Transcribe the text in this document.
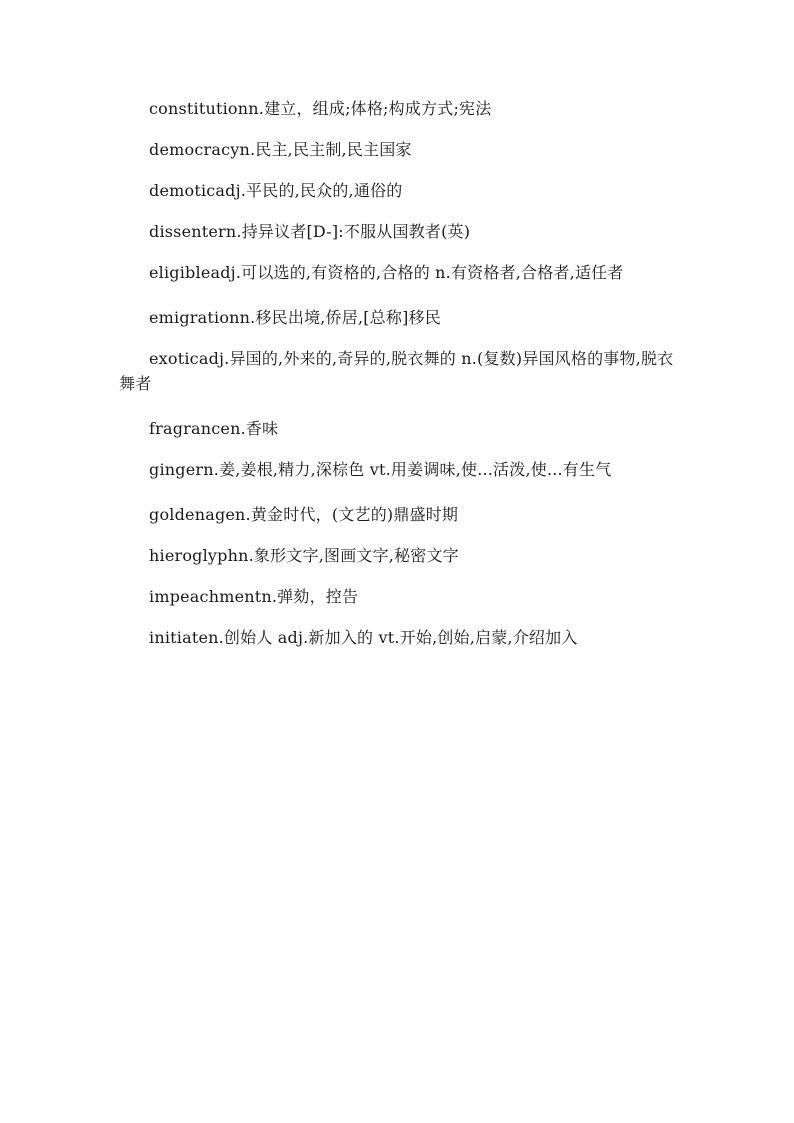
constitutionn.建立，组成;体格;构成方式;宪法

democracyn.民主,民主制,民主国家

demoticadj.平民的,民众的,通俗的

dissentern.持异议者[D-]:不服从国教者(英)

eligibleadj.可以选的,有资格的,合格的 n.有资格者,合格者,适任者

emigrationn.移民出境,侨居,[总称]移民

exoticadj.异国的,外来的,奇异的,脱衣舞的 n.(复数)异国风格的事物,脱衣舞者

fragrancen.香味

gingern.姜,姜根,精力,深棕色 vt.用姜调味,使...活泼,使...有生气

goldenagen.黄金时代，(文艺的)鼎盛时期

hieroglyphn.象形文字,图画文字,秘密文字

impeachmentn.弹劾，控告

initiaten.创始人 adj.新加入的 vt.开始,创始,启蒙,介绍加入
